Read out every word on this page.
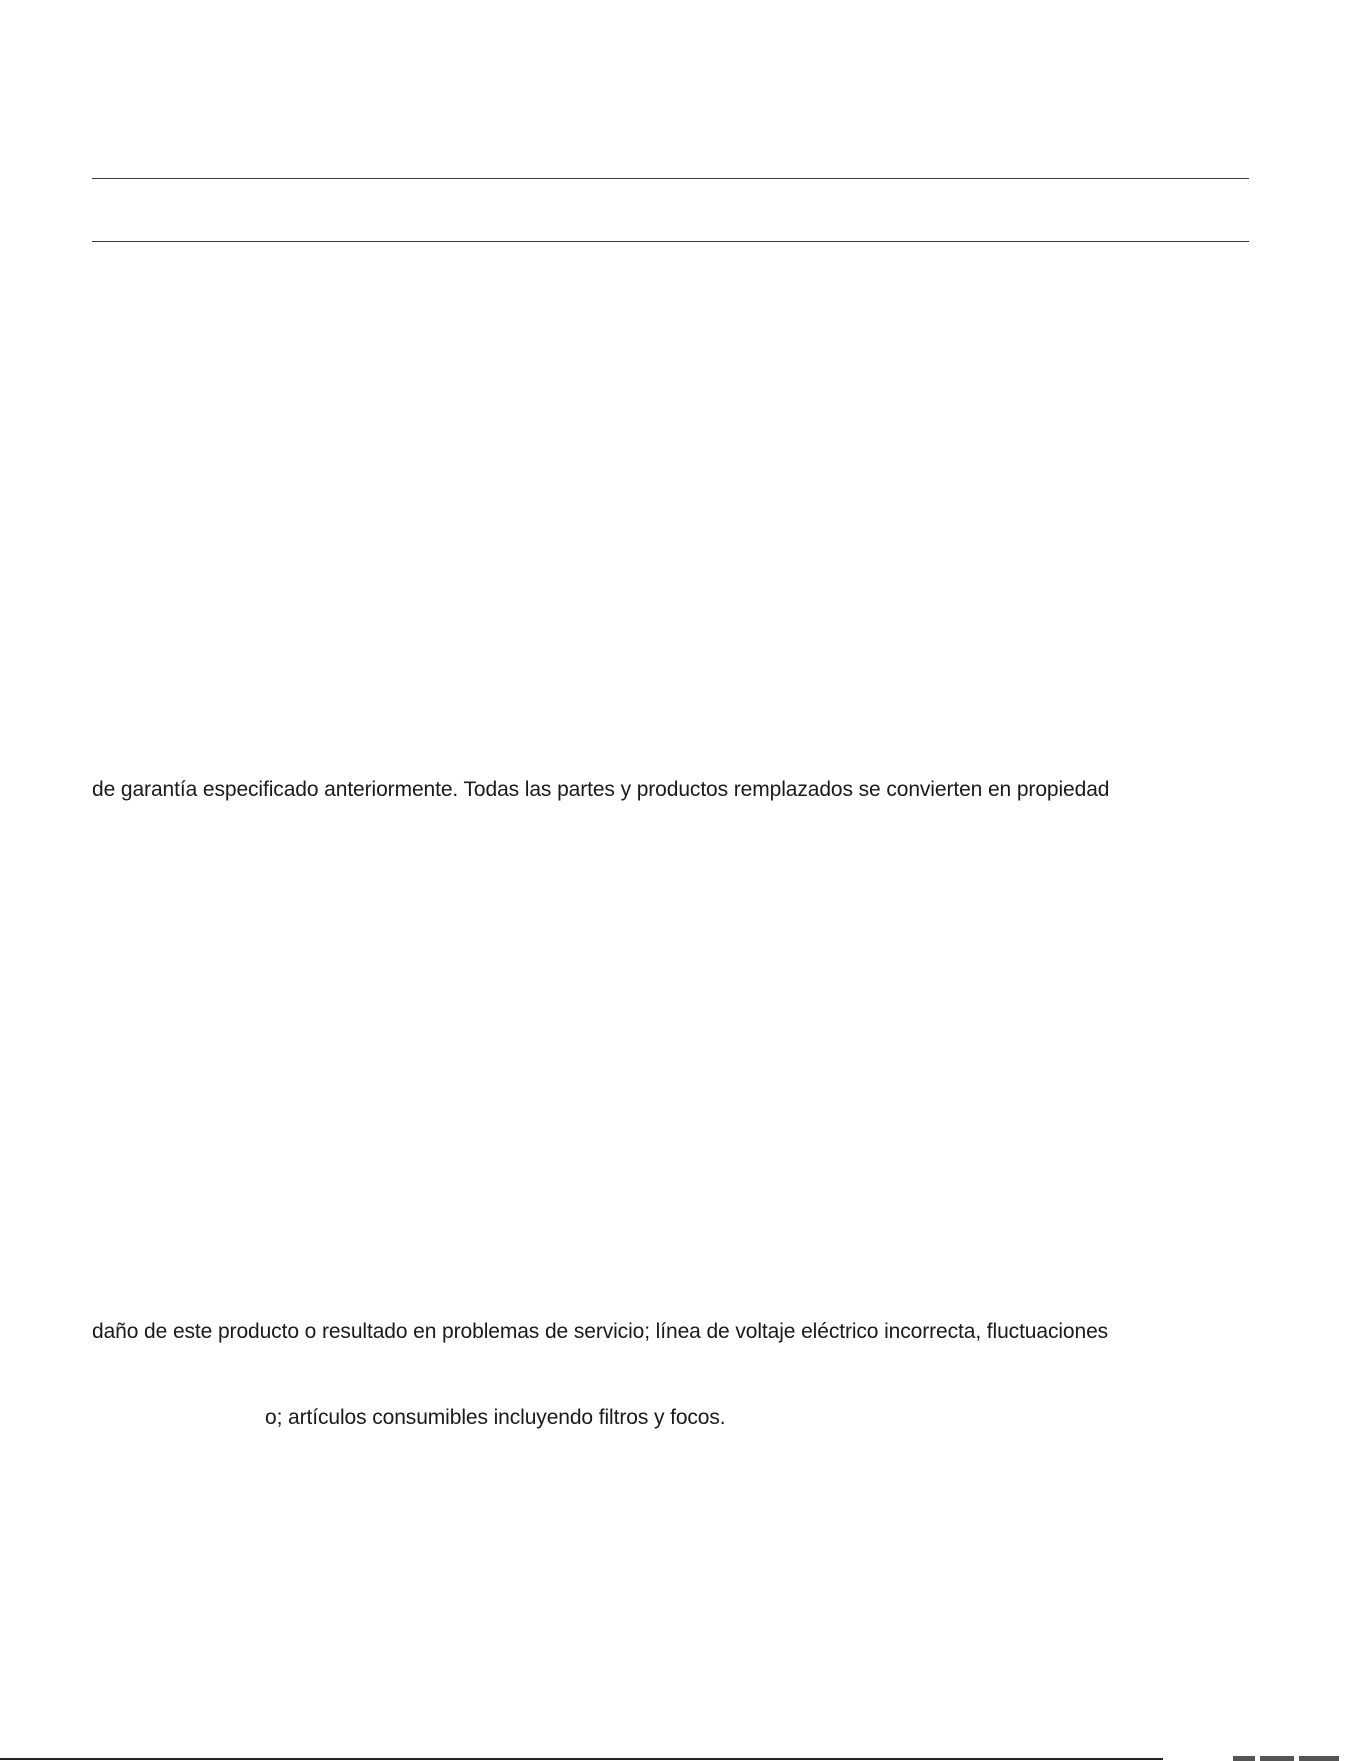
de garantía especificado anteriormente. Todas las partes y productos remplazados se convierten en propiedad
daño de este producto o resultado en problemas de servicio; línea de voltaje eléctrico incorrecta, fluctuaciones
o; artículos consumibles incluyendo filtros y focos.
